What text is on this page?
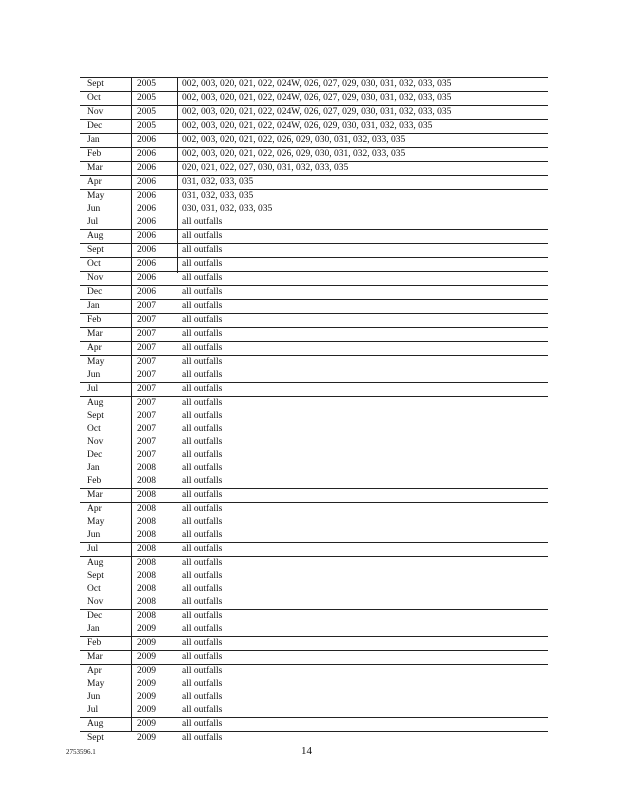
Sept	2005	002, 003, 020, 021, 022, 024W, 026, 027, 029, 030, 031, 032, 033, 035
Oct	2005	002, 003, 020, 021, 022, 024W, 026, 027, 029, 030, 031, 032, 033, 035
Nov	2005	002, 003, 020, 021, 022, 024W, 026, 027, 029, 030, 031, 032, 033, 035
Dec	2005	002, 003, 020, 021, 022, 024W, 026, 029, 030, 031, 032, 033, 035
Jan	2006	002, 003, 020, 021, 022, 026, 029, 030, 031, 032, 033, 035
Feb	2006	002, 003, 020, 021, 022, 026, 029, 030, 031, 032, 033, 035
Mar	2006	020, 021, 022, 027, 030, 031, 032, 033, 035
Apr	2006	031, 032, 033, 035
May	2006	031, 032, 033, 035
Jun	2006	030, 031, 032, 033, 035
Jul	2006	all outfalls
Aug	2006	all outfalls
Sept	2006	all outfalls
Oct	2006	all outfalls
Nov	2006	all outfalls
Dec	2006	all outfalls
Jan	2007	all outfalls
Feb	2007	all outfalls
Mar	2007	all outfalls
Apr	2007	all outfalls
May	2007	all outfalls
Jun	2007	all outfalls
Jul	2007	all outfalls
Aug	2007	all outfalls
Sept	2007	all outfalls
Oct	2007	all outfalls
Nov	2007	all outfalls
Dec	2007	all outfalls
Jan	2008	all outfalls
Feb	2008	all outfalls
Mar	2008	all outfalls
Apr	2008	all outfalls
May	2008	all outfalls
Jun	2008	all outfalls
Jul	2008	all outfalls
Aug	2008	all outfalls
Sept	2008	all outfalls
Oct	2008	all outfalls
Nov	2008	all outfalls
Dec	2008	all outfalls
Jan	2009	all outfalls
Feb	2009	all outfalls
Mar	2009	all outfalls
Apr	2009	all outfalls
May	2009	all outfalls
Jun	2009	all outfalls
Jul	2009	all outfalls
Aug	2009	all outfalls
Sept	2009	all outfalls
2753596.1	14
